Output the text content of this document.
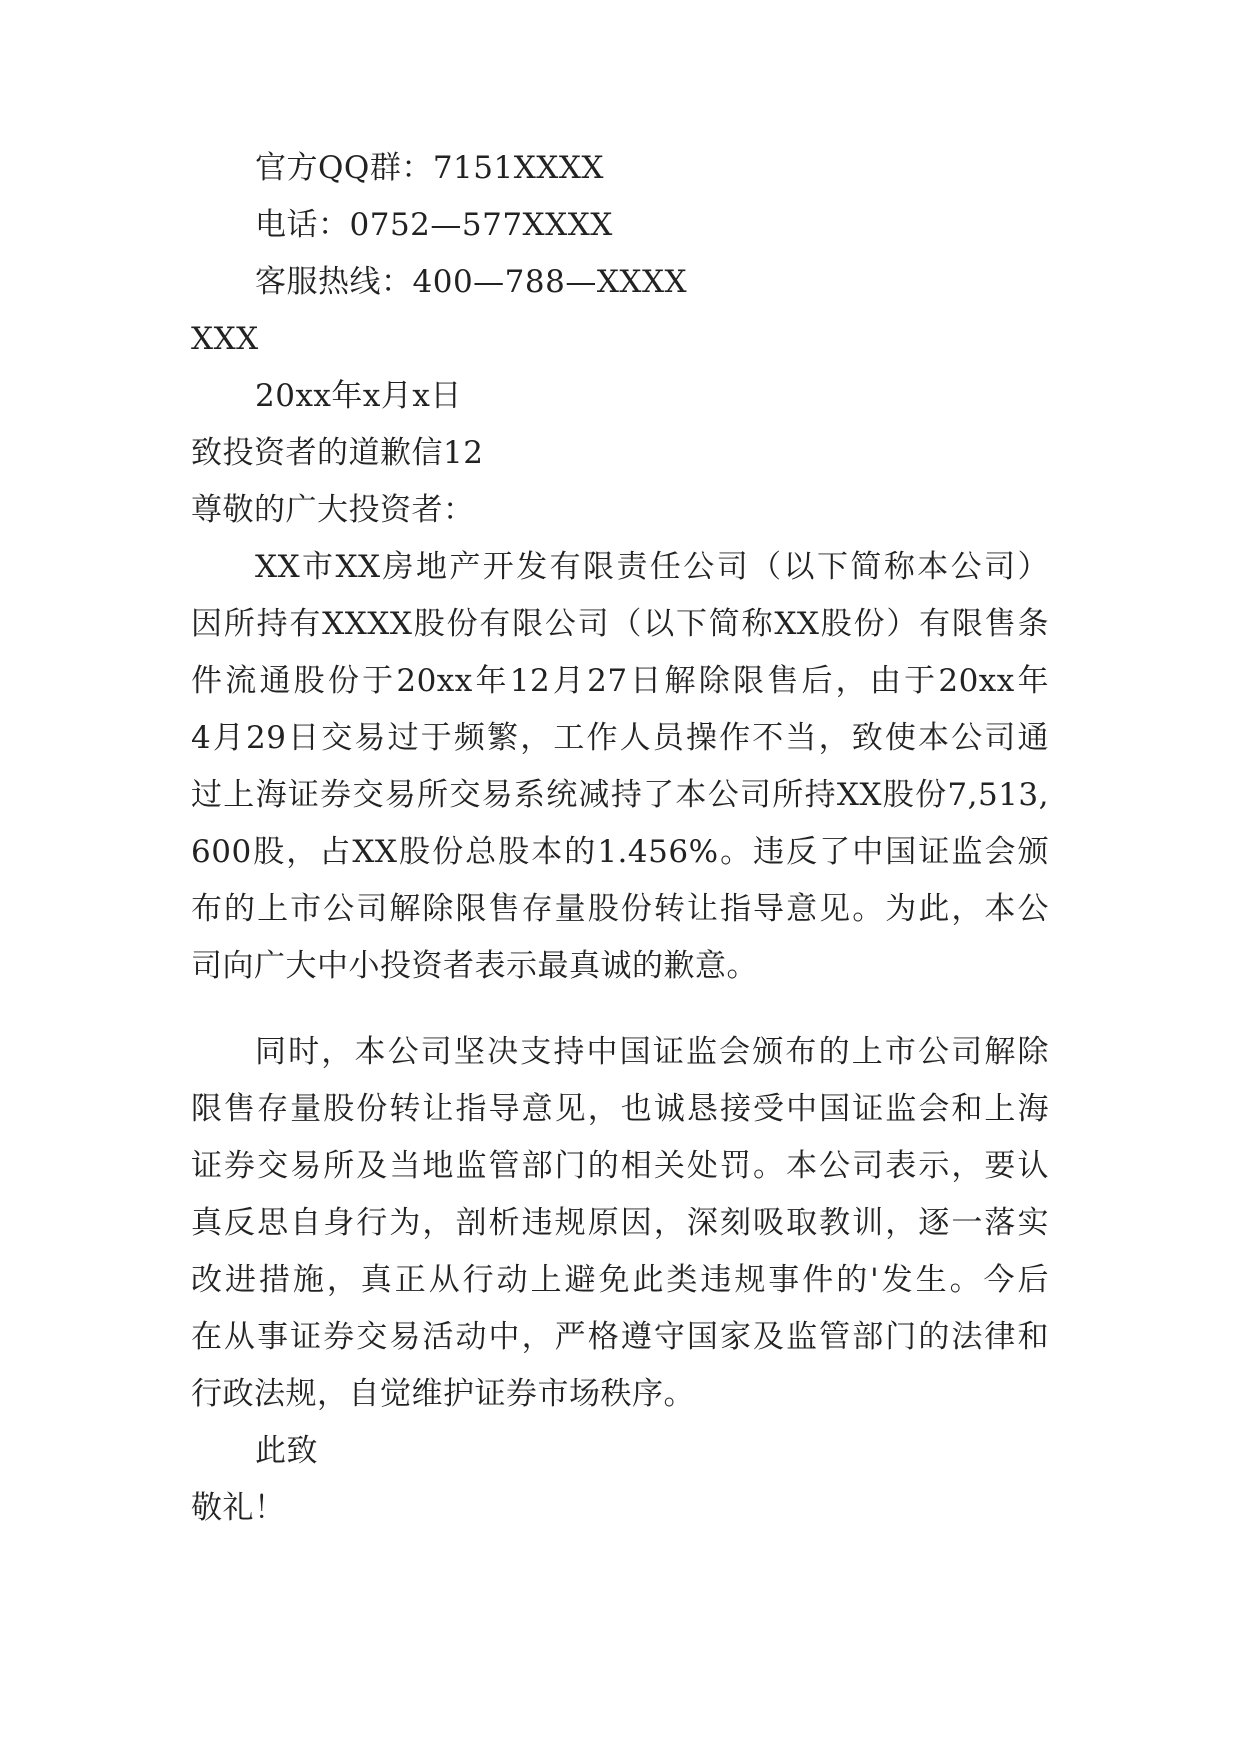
官方QQ群：7151XXXX
电话：0752—577XXXX
客服热线：400—788—XXXX
XXX
20xx年x月x日
致投资者的道歉信12
尊敬的广大投资者：
XX市XX房地产开发有限责任公司（以下简称本公司）
因所持有XXXX股份有限公司（以下简称XX股份）有限售条
件流通股份于20xx年12月27日解除限售后，由于20xx年
4月29日交易过于频繁，工作人员操作不当，致使本公司通
过上海证券交易所交易系统减持了本公司所持XX股份7,513,
600股，占XX股份总股本的1.456%。违反了中国证监会颁
布的上市公司解除限售存量股份转让指导意见。为此，本公
司向广大中小投资者表示最真诚的歉意。
同时，本公司坚决支持中国证监会颁布的上市公司解除
限售存量股份转让指导意见，也诚恳接受中国证监会和上海
证券交易所及当地监管部门的相关处罚。本公司表示，要认
真反思自身行为，剖析违规原因，深刻吸取教训，逐一落实
改进措施，真正从行动上避免此类违规事件的'发生。今后
在从事证券交易活动中，严格遵守国家及监管部门的法律和
行政法规，自觉维护证券市场秩序。
此致
敬礼！
